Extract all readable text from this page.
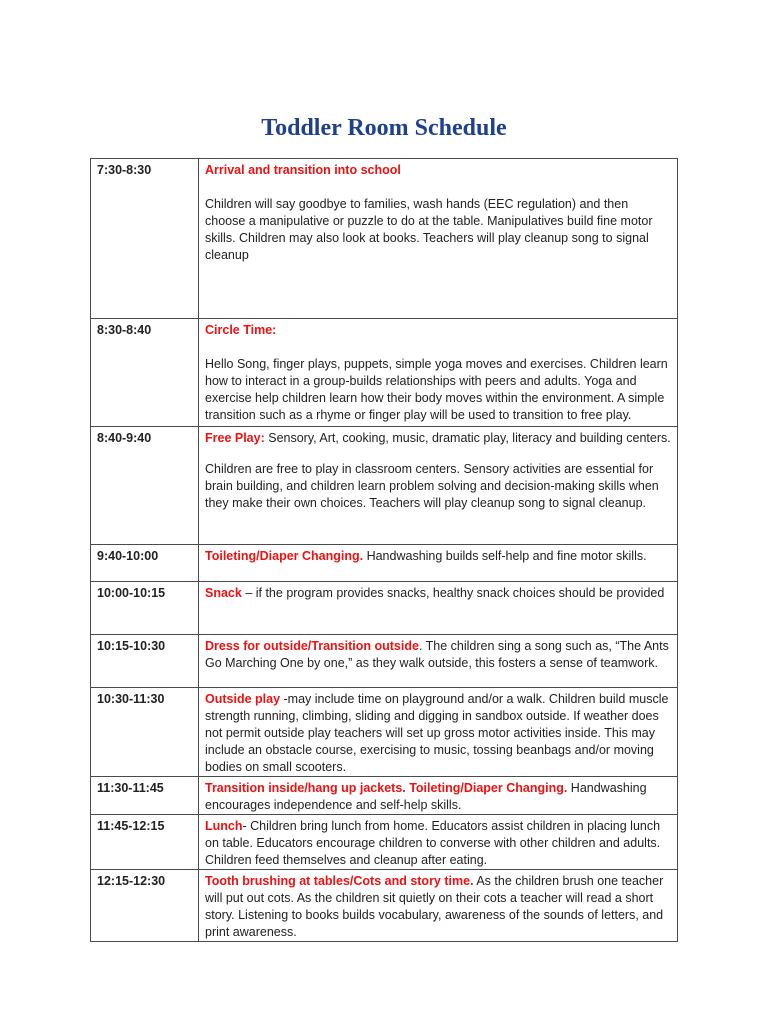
Toddler Room Schedule
7:30-8:30	Arrival and transition into school
Children will say goodbye to families, wash hands (EEC regulation) and then choose a manipulative or puzzle to do at the table. Manipulatives build fine motor skills. Children may also look at books. Teachers will play cleanup song to signal cleanup

8:30-8:40	Circle Time:
Hello Song, finger plays, puppets, simple yoga moves and exercises. Children learn how to interact in a group-builds relationships with peers and adults. Yoga and exercise help children learn how their body moves within the environment. A simple transition such as a rhyme or finger play will be used to transition to free play.

8:40-9:40	Free Play: Sensory, Art, cooking, music, dramatic play, literacy and building centers.
Children are free to play in classroom centers. Sensory activities are essential for brain building, and children learn problem solving and decision-making skills when they make their own choices. Teachers will play cleanup song to signal cleanup.

9:40-10:00	Toileting/Diaper Changing. Handwashing builds self-help and fine motor skills.
10:00-10:15	Snack – if the program provides snacks, healthy snack choices should be provided
10:15-10:30	Dress for outside/Transition outside. The children sing a song such as, “The Ants Go Marching One by one,” as they walk outside, this fosters a sense of teamwork.
10:30-11:30	Outside play -may include time on playground and/or a walk. Children build muscle strength running, climbing, sliding and digging in sandbox outside. If weather does not permit outside play teachers will set up gross motor activities inside. This may include an obstacle course, exercising to music, tossing beanbags and/or moving bodies on small scooters.
11:30-11:45	Transition inside/hang up jackets. Toileting/Diaper Changing. Handwashing encourages independence and self-help skills.
11:45-12:15	Lunch- Children bring lunch from home. Educators assist children in placing lunch on table. Educators encourage children to converse with other children and adults. Children feed themselves and cleanup after eating.
12:15-12:30	Tooth brushing at tables/Cots and story time. As the children brush one teacher will put out cots. As the children sit quietly on their cots a teacher will read a short story. Listening to books builds vocabulary, awareness of the sounds of letters, and print awareness.
